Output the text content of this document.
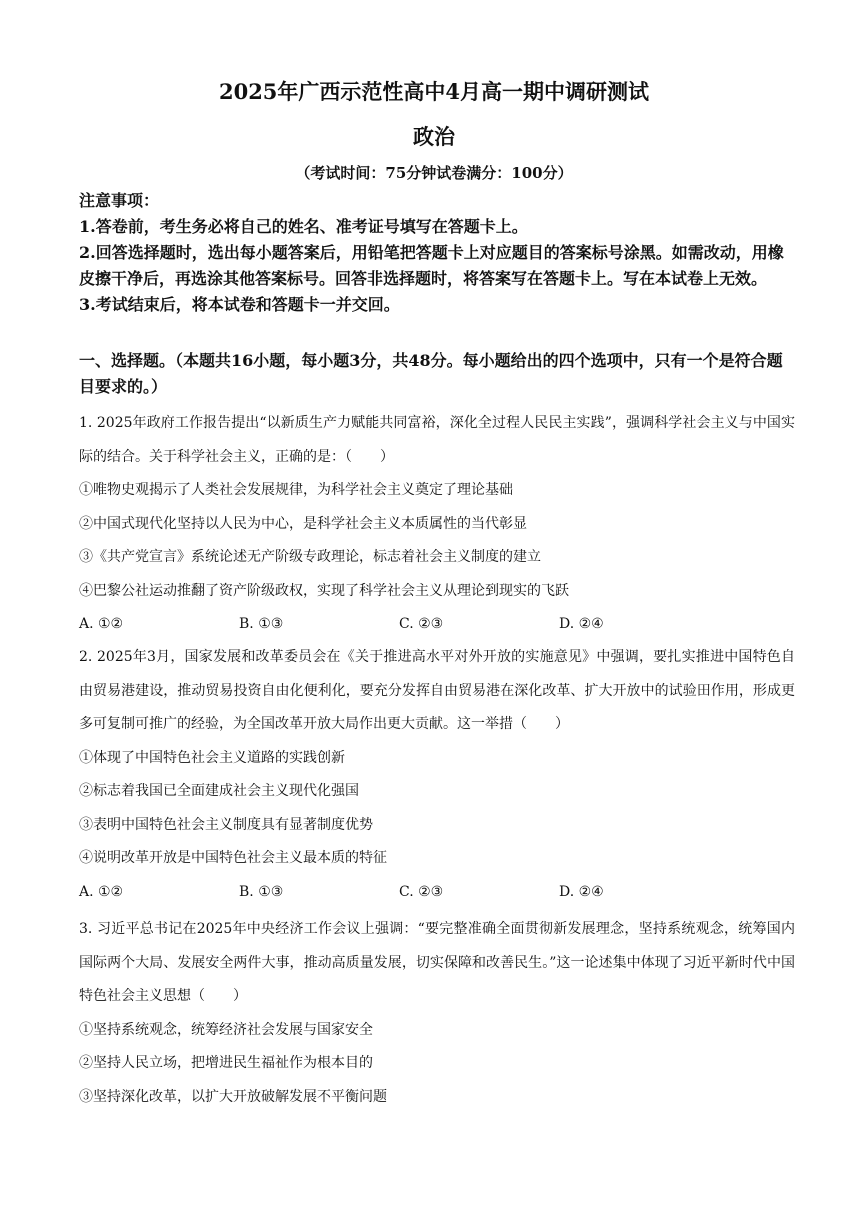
2025年广西示范性高中4月高一期中调研测试
政治
（考试时间：75分钟试卷满分：100分）
注意事项：
1.答卷前，考生务必将自己的姓名、准考证号填写在答题卡上。
2.回答选择题时，选出每小题答案后，用铅笔把答题卡上对应题目的答案标号涂黑。如需改动，用橡皮擦干净后，再选涂其他答案标号。回答非选择题时，将答案写在答题卡上。写在本试卷上无效。
3.考试结束后，将本试卷和答题卡一并交回。
一、选择题。（本题共16小题，每小题3分，共48分。每小题给出的四个选项中，只有一个是符合题目要求的。）
1. 2025年政府工作报告提出“以新质生产力赋能共同富裕，深化全过程人民民主实践”，强调科学社会主义与中国实际的结合。关于科学社会主义，正确的是：（　　）
①唯物史观揭示了人类社会发展规律，为科学社会主义奠定了理论基础
②中国式现代化坚持以人民为中心，是科学社会主义本质属性的当代彰显
③《共产党宣言》系统论述无产阶级专政理论，标志着社会主义制度的建立
④巴黎公社运动推翻了资产阶级政权，实现了科学社会主义从理论到现实的飞跃
A. ①②	B. ①③	C. ②③	D. ②④
2. 2025年3月，国家发展和改革委员会在《关于推进高水平对外开放的实施意见》中强调，要扎实推进中国特色自由贸易港建设，推动贸易投资自由化便利化，要充分发挥自由贸易港在深化改革、扩大开放中的试验田作用，形成更多可复制可推广的经验，为全国改革开放大局作出更大贡献。这一举措（　　）
①体现了中国特色社会主义道路的实践创新
②标志着我国已全面建成社会主义现代化强国
③表明中国特色社会主义制度具有显著制度优势
④说明改革开放是中国特色社会主义最本质的特征
A. ①②	B. ①③	C. ②③	D. ②④
3. 习近平总书记在2025年中央经济工作会议上强调：“要完整准确全面贯彻新发展理念，坚持系统观念，统筹国内国际两个大局、发展安全两件大事，推动高质量发展，切实保障和改善民生。”这一论述集中体现了习近平新时代中国特色社会主义思想（　　）
①坚持系统观念，统筹经济社会发展与国家安全
②坚持人民立场，把增进民生福祉作为根本目的
③坚持深化改革，以扩大开放破解发展不平衡问题
